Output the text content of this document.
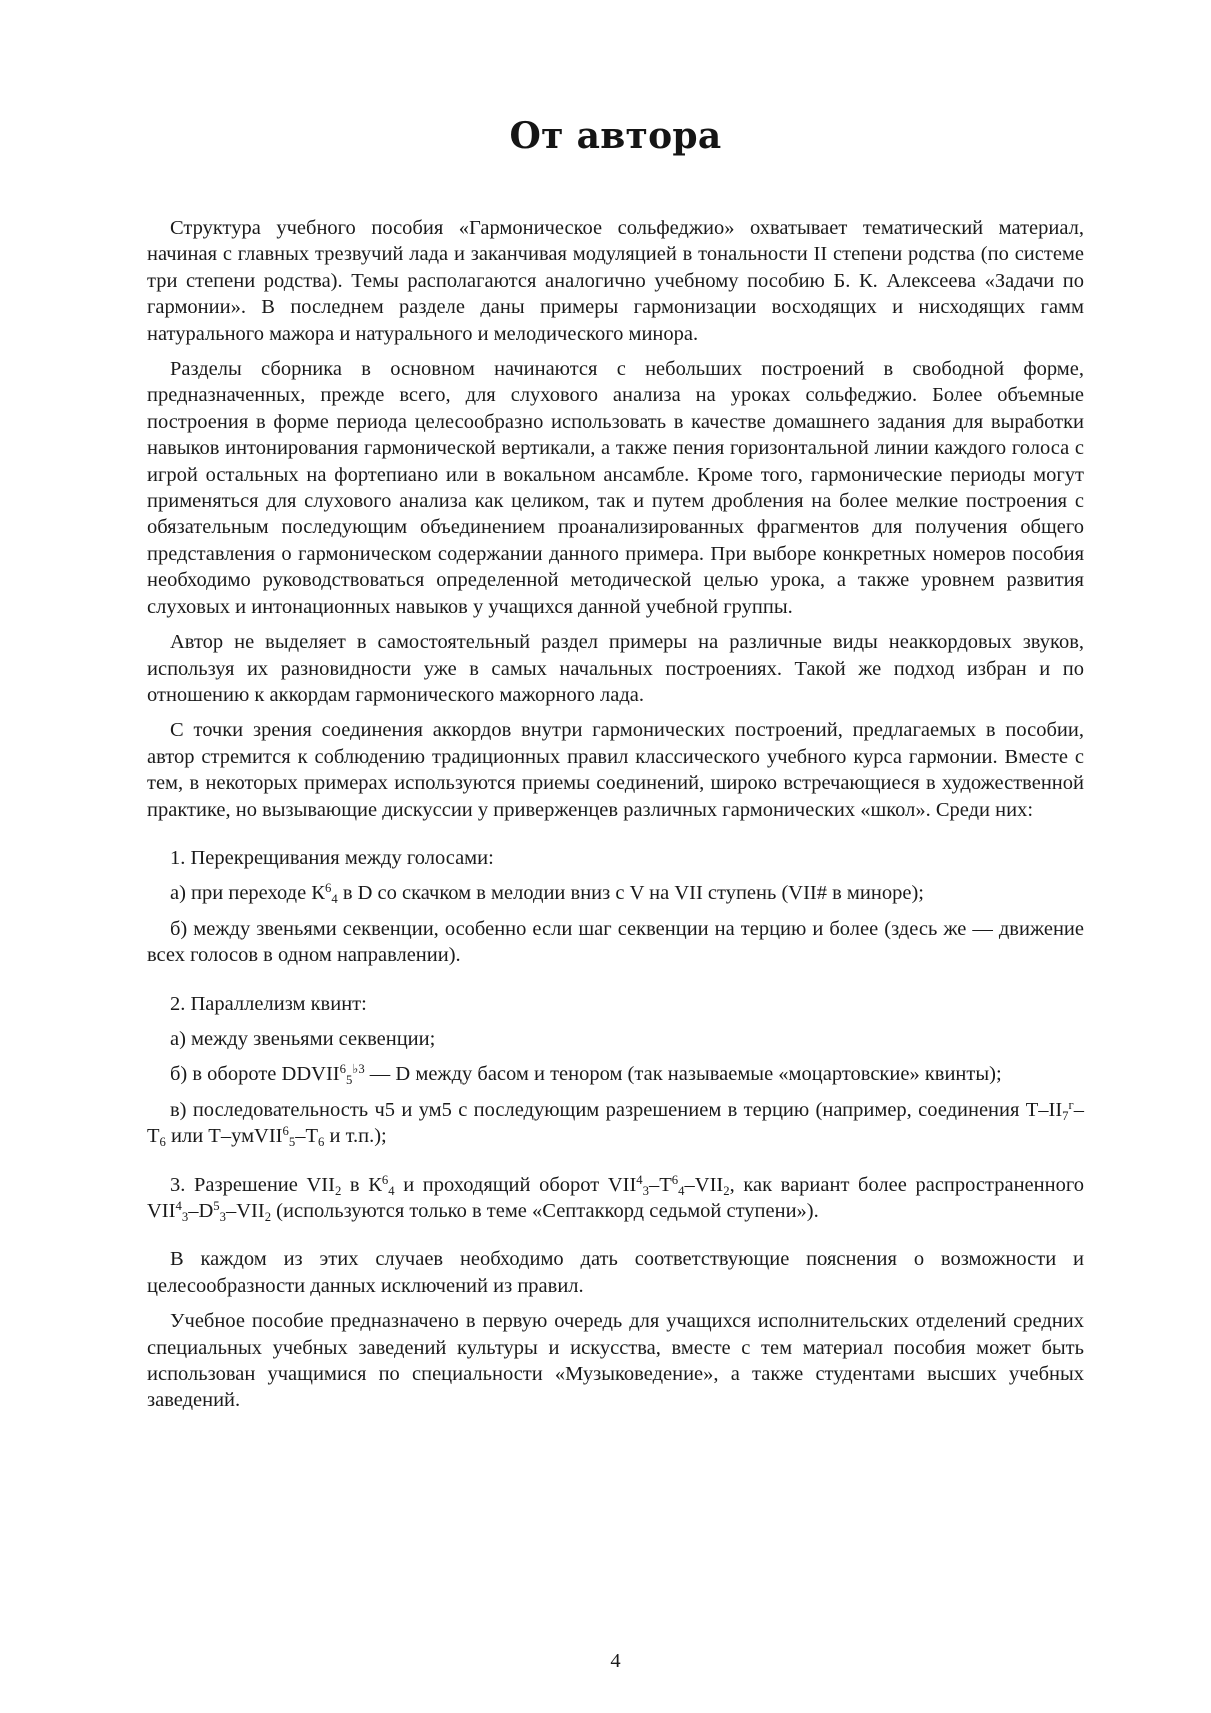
От автора

Структура учебного пособия «Гармоническое сольфеджио» охватывает тематический материал, начиная с главных трезвучий лада и заканчивая модуляцией в тональности II степени родства (по системе три степени родства). Темы располагаются аналогично учебному пособию Б. К. Алексеева «Задачи по гармонии». В последнем разделе даны примеры гармонизации восходящих и нисходящих гамм натурального мажора и натурального и мелодического минора.

Разделы сборника в основном начинаются с небольших построений в свободной форме, предназначенных, прежде всего, для слухового анализа на уроках сольфеджио. Более объемные построения в форме периода целесообразно использовать в качестве домашнего задания для выработки навыков интонирования гармонической вертикали, а также пения горизонтальной линии каждого голоса с игрой остальных на фортепиано или в вокальном ансамбле. Кроме того, гармонические периоды могут применяться для слухового анализа как целиком, так и путем дробления на более мелкие построения с обязательным последующим объединением проанализированных фрагментов для получения общего представления о гармоническом содержании данного примера. При выборе конкретных номеров пособия необходимо руководствоваться определенной методической целью урока, а также уровнем развития слуховых и интонационных навыков у учащихся данной учебной группы.

Автор не выделяет в самостоятельный раздел примеры на различные виды неаккордовых звуков, используя их разновидности уже в самых начальных построениях. Такой же подход избран и по отношению к аккордам гармонического мажорного лада.

С точки зрения соединения аккордов внутри гармонических построений, предлагаемых в пособии, автор стремится к соблюдению традиционных правил классического учебного курса гармонии. Вместе с тем, в некоторых примерах используются приемы соединений, широко встречающиеся в художественной практике, но вызывающие дискуссии у приверженцев различных гармонических «школ». Среди них:

1. Перекрещивания между голосами:

а) при переходе $К^6_4$ в D со скачком в мелодии вниз с V на VII ступень (VII# в миноре);

б) между звеньями секвенции, особенно если шаг секвенции на терцию и более (здесь же — движение всех голосов в одном направлении).

2. Параллелизм квинт:

а) между звеньями секвенции;

б) в обороте $DDVII^6_5^{♭3}$ — D между басом и тенором (так называемые «моцартовские» квинты);

в) последовательность ч5 и ум5 с последующим разрешением в терцию (например, соединения $Т-II_7^г-Т_6$ или $Т-умVII^6_5-Т_6$ и т.п.);

3. Разрешение $VII_2$ в $К^6_4$ и проходящий оборот $VII^4_3-Т^6_4-VII_2$, как вариант более распространенного $VII^4_3-D^5_3-VII_2$ (используются только в теме «Септаккорд седьмой ступени»).

В каждом из этих случаев необходимо дать соответствующие пояснения о возможности и целесообразности данных исключений из правил.

Учебное пособие предназначено в первую очередь для учащихся исполнительских отделений средних специальных учебных заведений культуры и искусства, вместе с тем материал пособия может быть использован учащимися по специальности «Музыковедение», а также студентами высших учебных заведений.

4
